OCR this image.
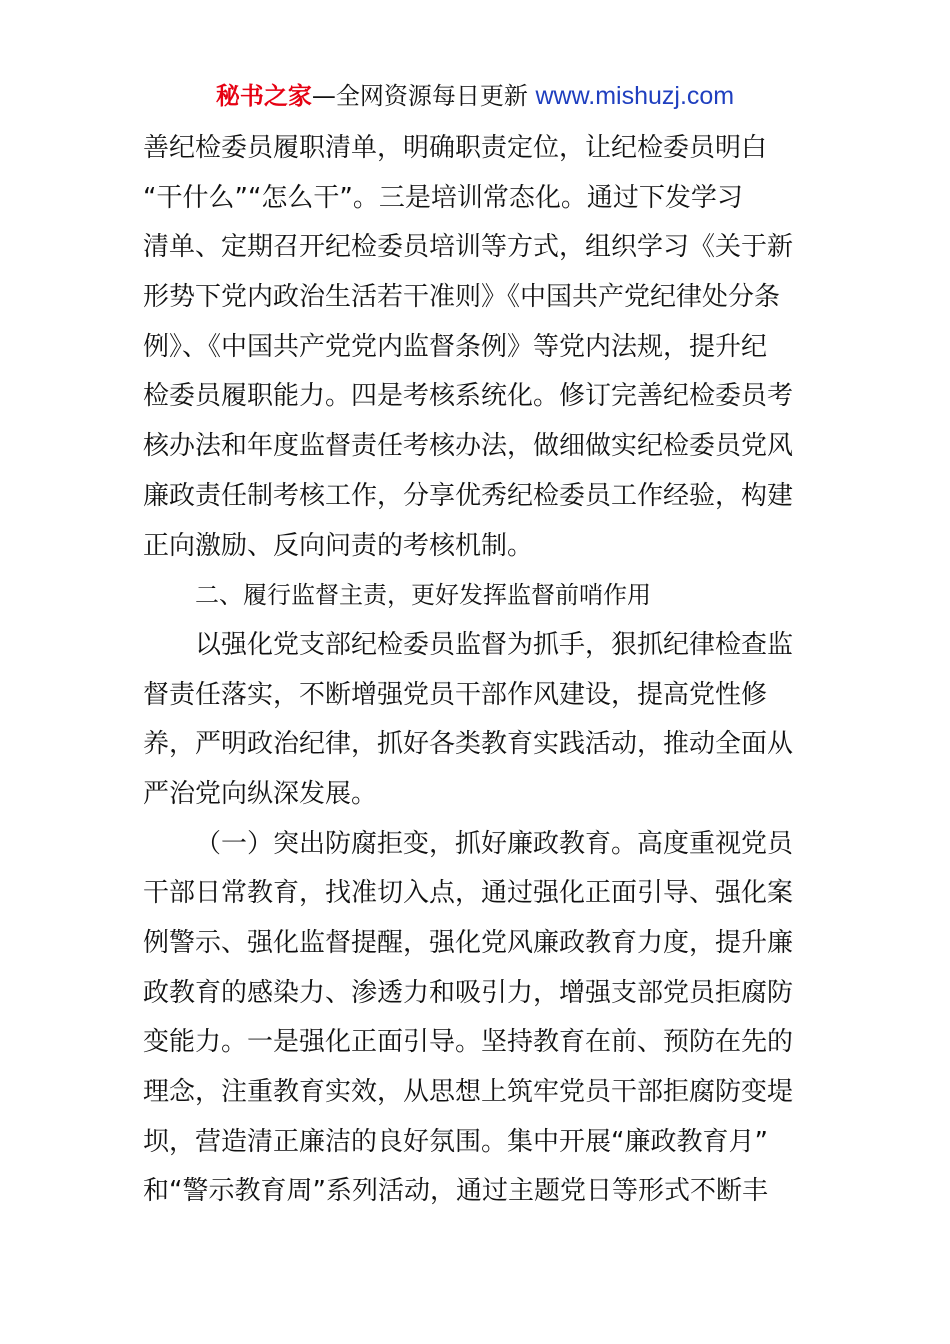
秘书之家—全网资源每日更新 www.mishuzj.com
善纪检委员履职清单，明确职责定位，让纪检委员明白
“干什么”“怎么干”。三是培训常态化。通过下发学习
清单、定期召开纪检委员培训等方式，组织学习《关于新
形势下党内政治生活若干准则》《中国共产党纪律处分条
例》、《中国共产党党内监督条例》等党内法规，提升纪
检委员履职能力。四是考核系统化。修订完善纪检委员考
核办法和年度监督责任考核办法，做细做实纪检委员党风
廉政责任制考核工作，分享优秀纪检委员工作经验，构建
正向激励、反向问责的考核机制。
二、履行监督主责，更好发挥监督前哨作用
以强化党支部纪检委员监督为抓手，狠抓纪律检查监
督责任落实，不断增强党员干部作风建设，提高党性修
养，严明政治纪律，抓好各类教育实践活动，推动全面从
严治党向纵深发展。
（一）突出防腐拒变，抓好廉政教育。高度重视党员
干部日常教育，找准切入点，通过强化正面引导、强化案
例警示、强化监督提醒，强化党风廉政教育力度，提升廉
政教育的感染力、渗透力和吸引力，增强支部党员拒腐防
变能力。一是强化正面引导。坚持教育在前、预防在先的
理念，注重教育实效，从思想上筑牢党员干部拒腐防变堤
坝，营造清正廉洁的良好氛围。集中开展“廉政教育月”
和“警示教育周”系列活动，通过主题党日等形式不断丰
